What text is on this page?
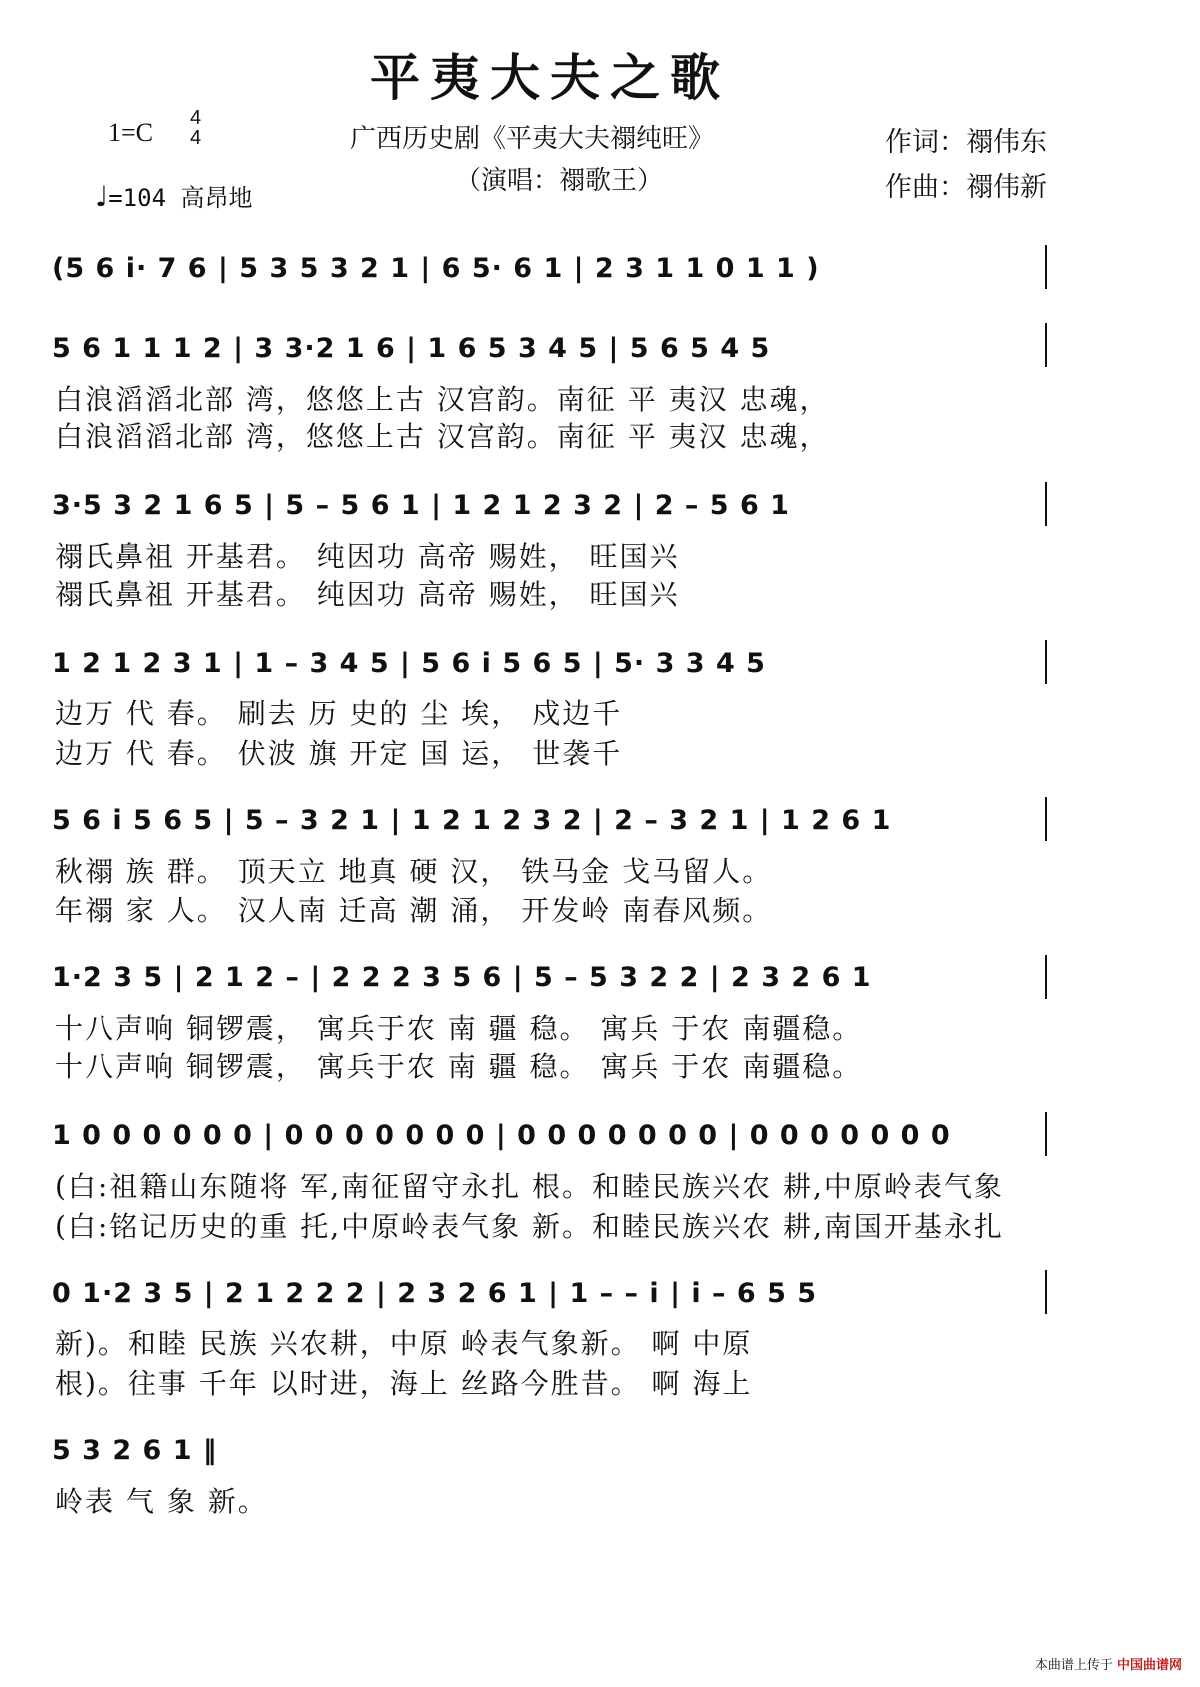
平夷大夫之歌
1=C 4
4
♩=104 高昂地
广西历史剧《平夷大夫禤纯旺》
（演唱：禤歌王）
作词：禤伟东
作曲：禤伟新
(5 6 i· 7 6 | 5 3 5 3 2 1 | 6 5· 6 1 | 2 3 1 1 0 1 1 )
5 6 1 1 1 2 | 3 3·2 1 6 | 1 6 5 3 4 5 | 5 6 5 4 5
白浪滔滔北部 湾，悠悠上古 汉宫韵。南征 平 夷汉 忠魂，
白浪滔滔北部 湾，悠悠上古 汉宫韵。南征 平 夷汉 忠魂，
3·5 3 2 1 6 5 | 5 – 5 6 1 | 1 2 1 2 3 2 | 2 – 5 6 1
禤氏鼻祖 开基君。 纯因功 高帝 赐姓， 旺国兴
禤氏鼻祖 开基君。 纯因功 高帝 赐姓， 旺国兴
1 2 1 2 3 1 | 1 – 3 4 5 | 5 6 i 5 6 5 | 5· 3 3 4 5
边万 代 春。 刷去 历 史的 尘 埃， 戍边千
边万 代 春。 伏波 旗 开定 国 运， 世袭千
5 6 i 5 6 5 | 5 – 3 2 1 | 1 2 1 2 3 2 | 2 – 3 2 1 | 1 2 6 1
秋禤 族 群。 顶天立 地真 硬 汉， 铁马金 戈马留人。
年禤 家 人。 汉人南 迁高 潮 涌， 开发岭 南春风频。
1·2 3 5 | 2 1 2 – | 2 2 2 3 5 6 | 5 – 5 3 2 2 | 2 3 2 6 1
十八声响 铜锣震， 寓兵于农 南 疆 稳。 寓兵 于农 南疆稳。
十八声响 铜锣震， 寓兵于农 南 疆 稳。 寓兵 于农 南疆稳。
1 0 0 0 0 0 0 | 0 0 0 0 0 0 0 | 0 0 0 0 0 0 0 | 0 0 0 0 0 0 0
(白:祖籍山东随将 军,南征留守永扎 根。和睦民族兴农 耕,中原岭表气象
(白:铭记历史的重 托,中原岭表气象 新。和睦民族兴农 耕,南国开基永扎
0 1·2 3 5 | 2 1 2 2 2 | 2 3 2 6 1 | 1 – – i | i – 6 5 5
新)。和睦 民族 兴农耕，中原 岭表气象新。 啊 中原
根)。往事 千年 以时进，海上 丝路今胜昔。 啊 海上
5 3 2 6 1 ‖
岭表 气 象 新。
本曲谱上传于 中国曲谱网
